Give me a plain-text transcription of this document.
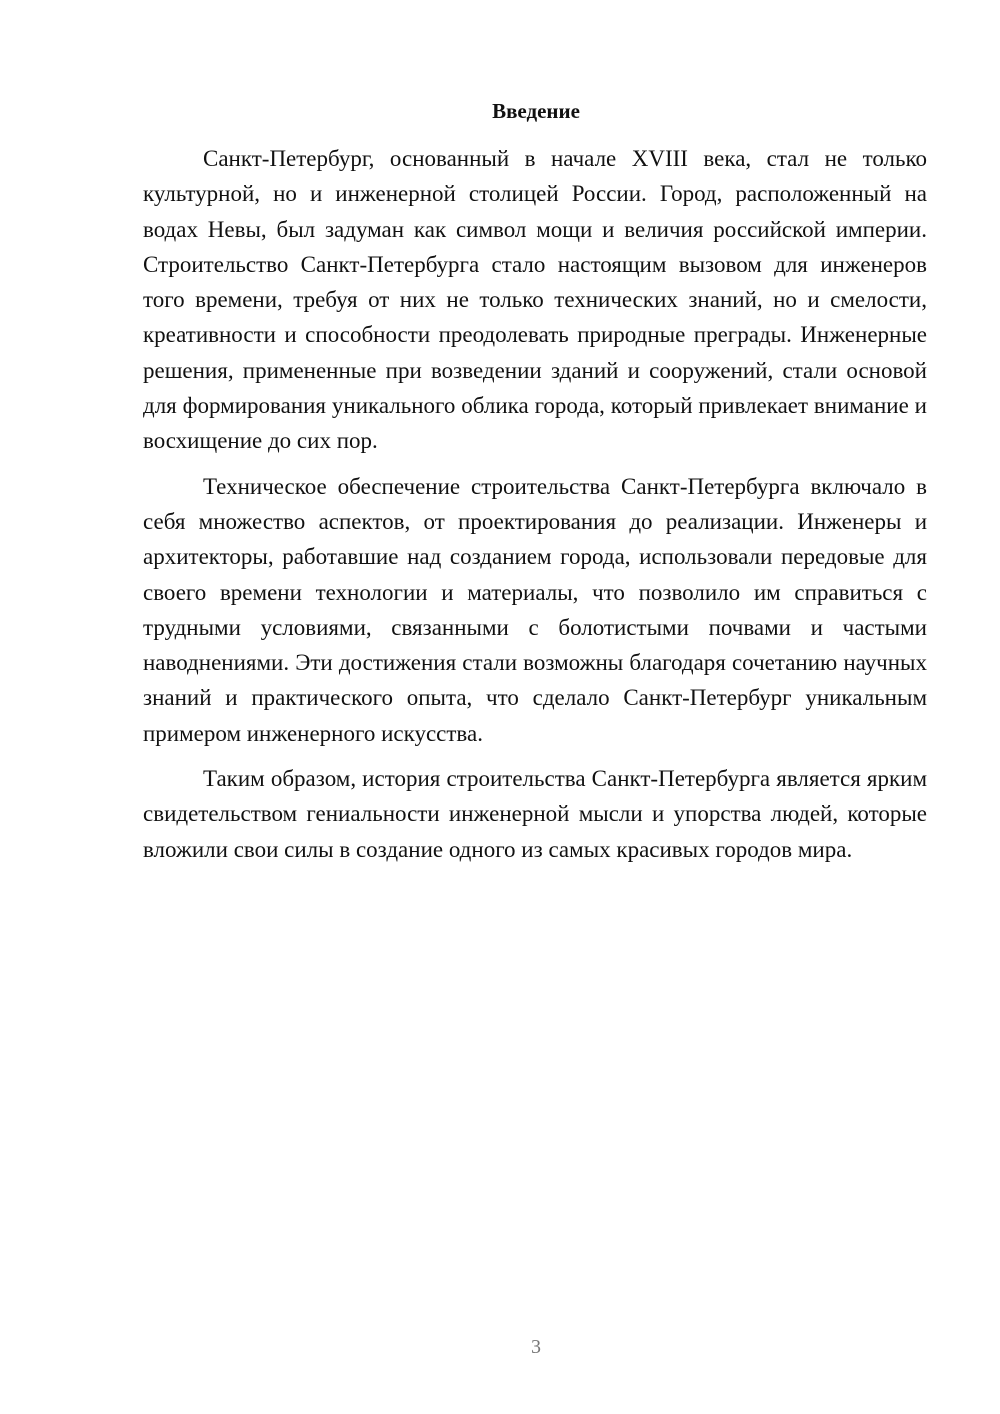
Введение

Санкт-Петербург, основанный в начале XVIII века, стал не только культурной, но и инженерной столицей России. Город, расположенный на водах Невы, был задуман как символ мощи и величия российской империи. Строительство Санкт-Петербурга стало настоящим вызовом для инженеров того времени, требуя от них не только технических знаний, но и смелости, креативности и способности преодолевать природные преграды. Инженерные решения, примененные при возведении зданий и сооружений, стали основой для формирования уникального облика города, который привлекает внимание и восхищение до сих пор.

Техническое обеспечение строительства Санкт-Петербурга включало в себя множество аспектов, от проектирования до реализации. Инженеры и архитекторы, работавшие над созданием города, использовали передовые для своего времени технологии и материалы, что позволило им справиться с трудными условиями, связанными с болотистыми почвами и частыми наводнениями. Эти достижения стали возможны благодаря сочетанию научных знаний и практического опыта, что сделало Санкт-Петербург уникальным примером инженерного искусства.

Таким образом, история строительства Санкт-Петербурга является ярким свидетельством гениальности инженерной мысли и упорства людей, которые вложили свои силы в создание одного из самых красивых городов мира.

3
